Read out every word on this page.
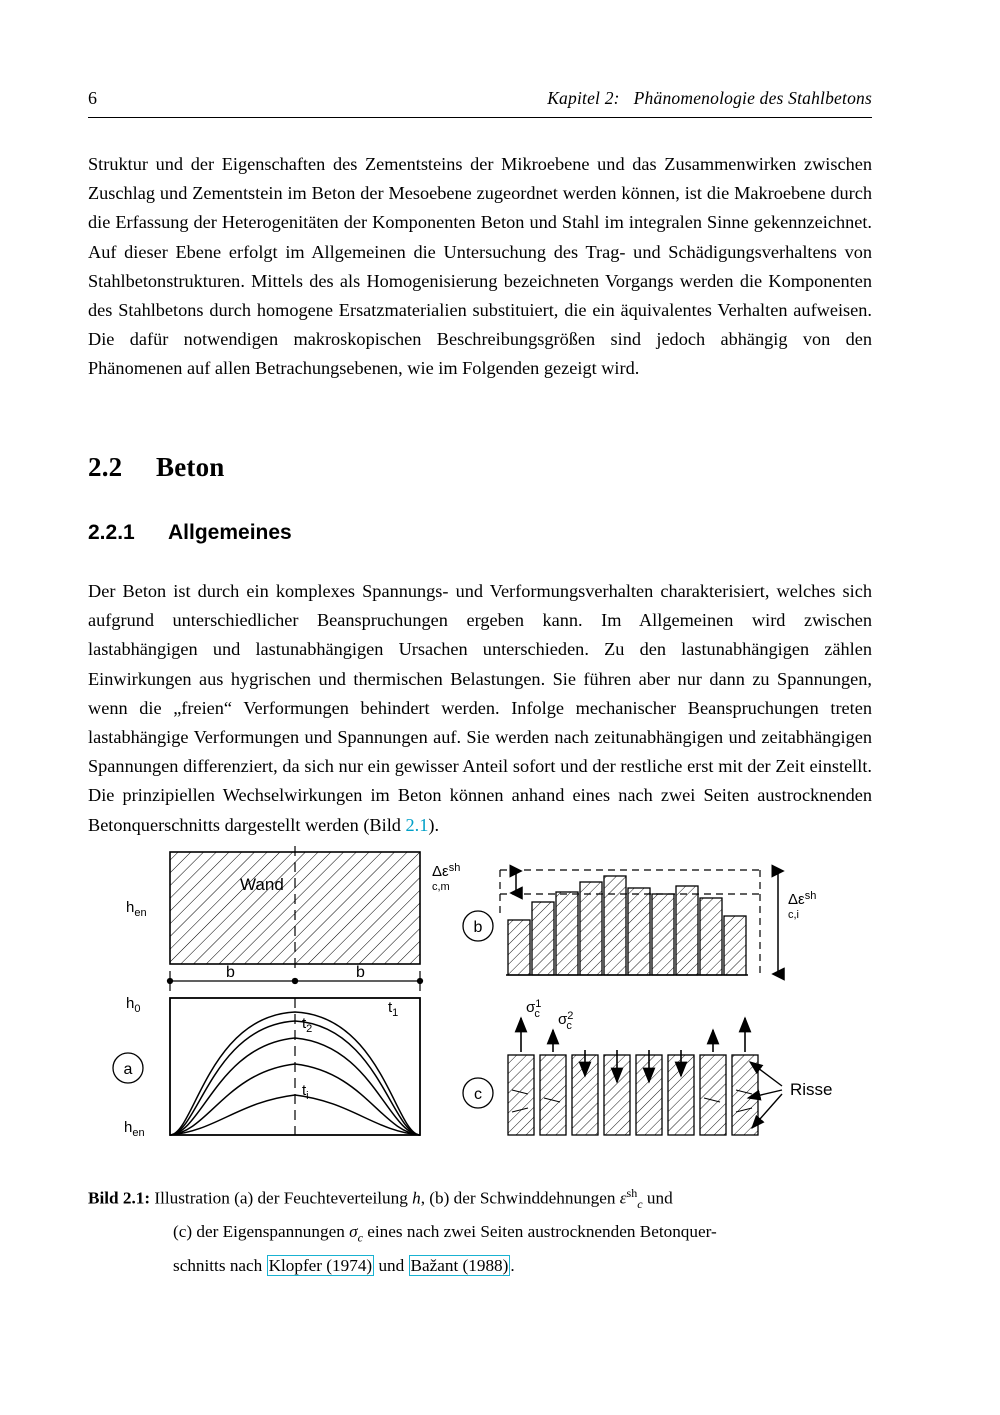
6	Kapitel 2: Phänomenologie des Stahlbetons
Struktur und der Eigenschaften des Zementsteins der Mikroebene und das Zusammenwirken zwischen Zuschlag und Zementstein im Beton der Mesoebene zugeordnet werden können, ist die Makroebene durch die Erfassung der Heterogenitäten der Komponenten Beton und Stahl im integralen Sinne gekennzeichnet. Auf dieser Ebene erfolgt im Allgemeinen die Untersuchung des Trag- und Schädigungsverhaltens von Stahlbetonstrukturen. Mittels des als Homogenisierung bezeichneten Vorgangs werden die Komponenten des Stahlbetons durch homogene Ersatzmaterialien substituiert, die ein äquivalentes Verhalten aufweisen. Die dafür notwendigen makroskopischen Beschreibungsgrößen sind jedoch abhängig von den Phänomenen auf allen Betrachungsebenen, wie im Folgenden gezeigt wird.
2.2 Beton
2.2.1 Allgemeines
Der Beton ist durch ein komplexes Spannungs- und Verformungsverhalten charakterisiert, welches sich aufgrund unterschiedlicher Beanspruchungen ergeben kann. Im Allgemeinen wird zwischen lastabhängigen und lastunabhängigen Ursachen unterschieden. Zu den lastunabhängigen zählen Einwirkungen aus hygrischen und thermischen Belastungen. Sie führen aber nur dann zu Spannungen, wenn die „freien“ Verformungen behindert werden. Infolge mechanischer Beanspruchungen treten lastabhängige Verformungen und Spannungen auf. Sie werden nach zeitunabhängigen und zeitabhängigen Spannungen differenziert, da sich nur ein gewisser Anteil sofort und der restliche erst mit der Zeit einstellt. Die prinzipiellen Wechselwirkungen im Beton können anhand eines nach zwei Seiten austrocknenden Betonquerschnitts dargestellt werden (Bild 2.1).
Wand
$h_{en}$
b	b
$h_0$
$h_{en}$
$t_1$
$t_2$
$t_i$
a
$\Delta\varepsilon^{sh}$
c,m
$\Delta\varepsilon^{sh}$
c,i
b
Risse
$\sigma^1$ c $\sigma^2$ c
c
Bild 2.1: Illustration (a) der Feuchteverteilung h, (b) der Schwinddehnungen $\varepsilon^{sh}_c$ und
(c) der Eigenspannungen $\sigma_c$ eines nach zwei Seiten austrocknenden Betonquer-
schnitts nach Klopfer (1974) und Bažant (1988) .
